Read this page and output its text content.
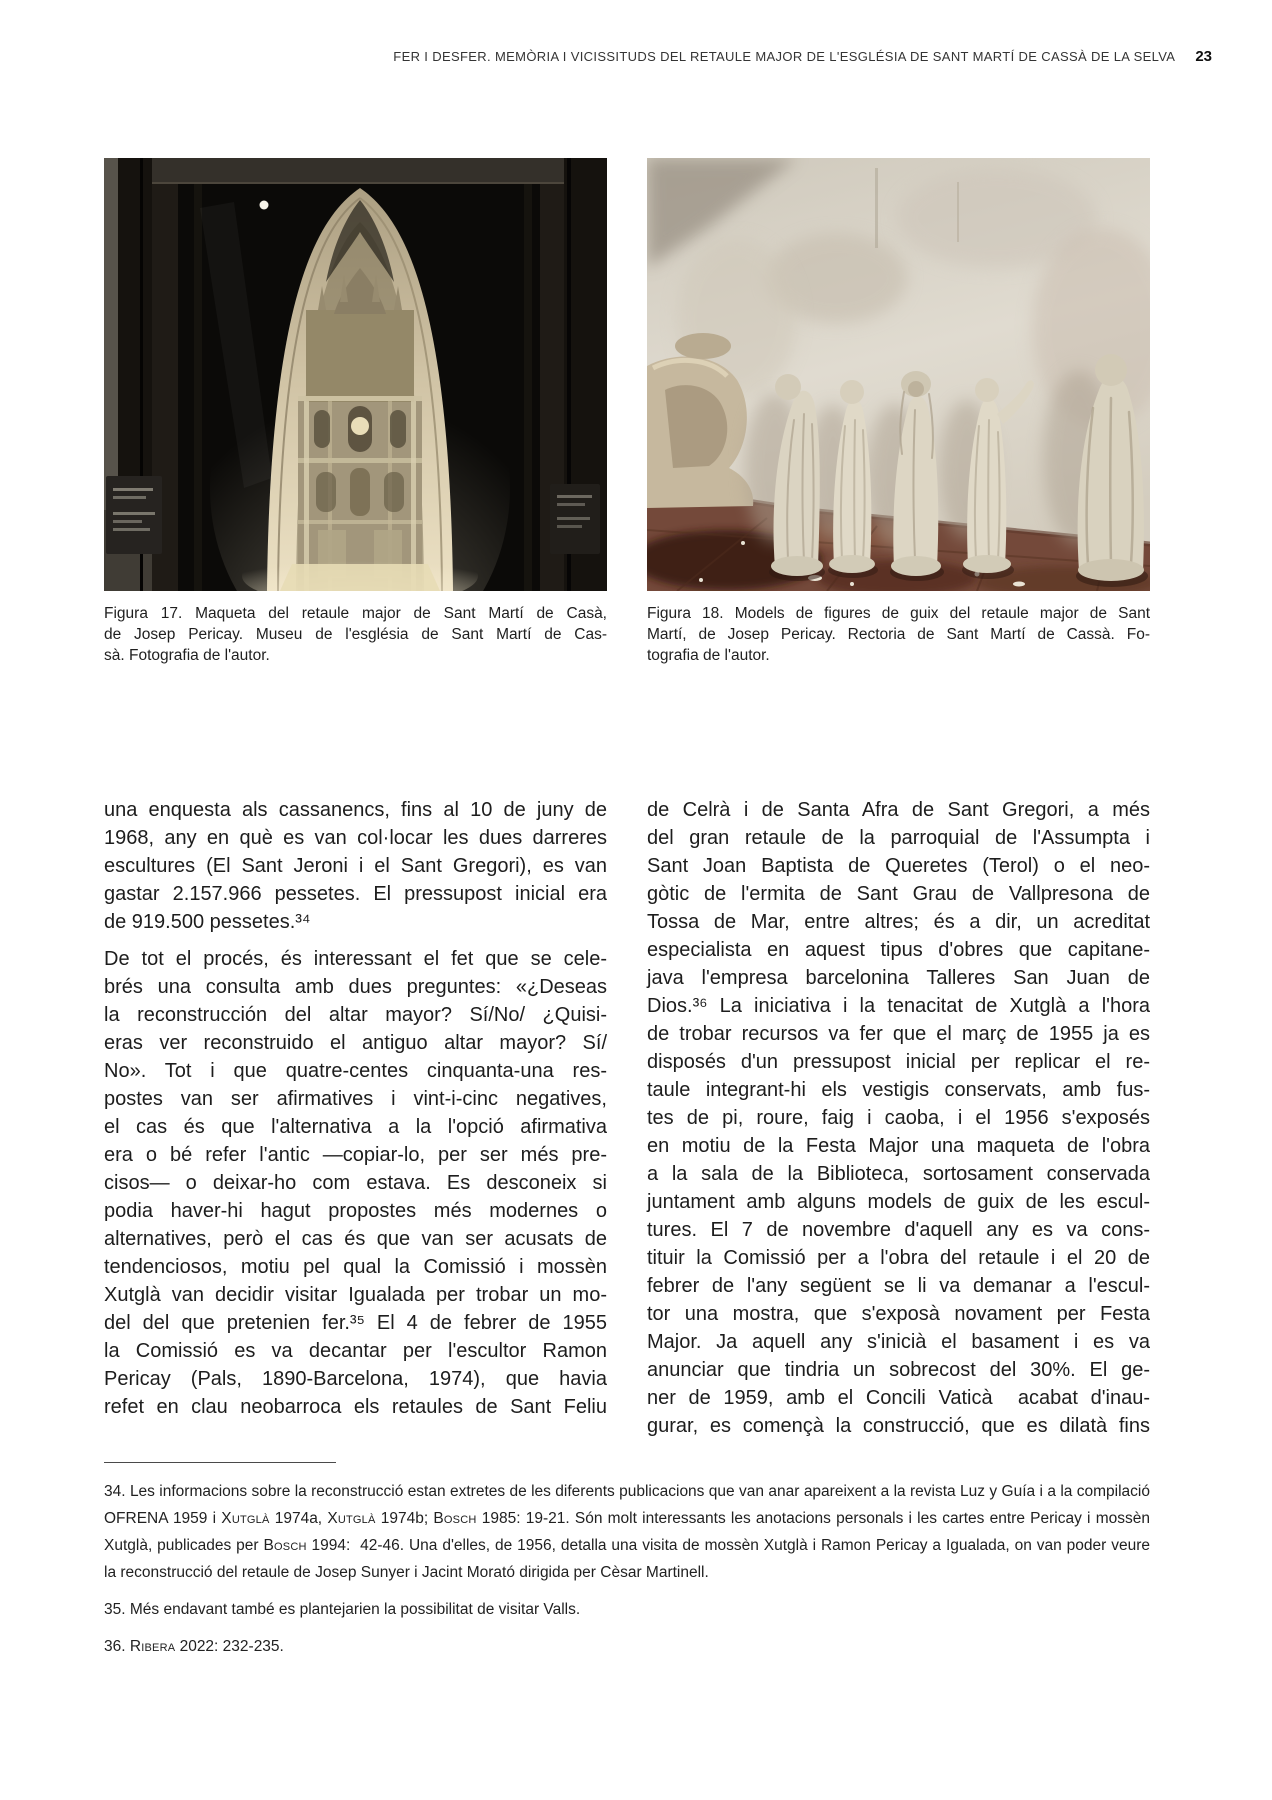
FER I DESFER. MEMÒRIA I VICISSITUDS DEL RETAULE MAJOR DE L'ESGLÉSIA DE SANT MARTÍ DE CASSÀ DE LA SELVA 23
Figura 17. Maqueta del retaule major de Sant Martí de Casà,
de Josep Pericay. Museu de l'església de Sant Martí de Cas-
sà. Fotografia de l'autor.
Figura 18. Models de figures de guix del retaule major de Sant
Martí, de Josep Pericay. Rectoria de Sant Martí de Cassà. Fo-
tografia de l'autor.
una enquesta als cassanencs, fins al 10 de juny de
1968, any en què es van col·locar les dues darreres
escultures (El Sant Jeroni i el Sant Gregori), es van
gastar 2.157.966 pessetes. El pressupost inicial era
de 919.500 pessetes.³⁴
De tot el procés, és interessant el fet que se cele-
brés una consulta amb dues preguntes: «¿Deseas
la reconstrucción del altar mayor? Sí/No/ ¿Quisi-
eras ver reconstruido el antiguo altar mayor? Sí/
No». Tot i que quatre-centes cinquanta-una res-
postes van ser afirmatives i vint-i-cinc negatives,
el cas és que l'alternativa a la l'opció afirmativa
era o bé refer l'antic —copiar-lo, per ser més pre-
cisos— o deixar-ho com estava. Es desconeix si
podia haver-hi hagut propostes més modernes o
alternatives, però el cas és que van ser acusats de
tendenciosos, motiu pel qual la Comissió i mossèn
Xutglà van decidir visitar Igualada per trobar un mo-
del del que pretenien fer.³⁵ El 4 de febrer de 1955
la Comissió es va decantar per l'escultor Ramon
Pericay (Pals, 1890-Barcelona, 1974), que havia
refet en clau neobarroca els retaules de Sant Feliu
de Celrà i de Santa Afra de Sant Gregori, a més
del gran retaule de la parroquial de l'Assumpta i
Sant Joan Baptista de Queretes (Terol) o el neo-
gòtic de l'ermita de Sant Grau de Vallpresona de
Tossa de Mar, entre altres; és a dir, un acreditat
especialista en aquest tipus d'obres que capitane-
java l'empresa barcelonina Talleres San Juan de
Dios.³⁶ La iniciativa i la tenacitat de Xutglà a l'hora
de trobar recursos va fer que el març de 1955 ja es
disposés d'un pressupost inicial per replicar el re-
taule integrant-hi els vestigis conservats, amb fus-
tes de pi, roure, faig i caoba, i el 1956 s'exposés
en motiu de la Festa Major una maqueta de l'obra
a la sala de la Biblioteca, sortosament conservada
juntament amb alguns models de guix de les escul-
tures. El 7 de novembre d'aquell any es va cons-
tituir la Comissió per a l'obra del retaule i el 20 de
febrer de l'any següent se li va demanar a l'escul-
tor una mostra, que s'exposà novament per Festa
Major. Ja aquell any s'inicià el basament i es va
anunciar que tindria un sobrecost del 30%. El ge-
ner de 1959, amb el Concili Vaticà  acabat d'inau-
gurar, es començà la construcció, que es dilatà fins
34. Les informacions sobre la reconstrucció estan extretes de les diferents publicacions que van anar apareixent a la revista Luz y Guía i a la compilació OFRENA 1959 i Xutglà 1974a, Xutglà 1974b; Bosch 1985: 19-21. Són molt interessants les anotacions personals i les cartes entre Pericay i mossèn Xutglà, publicades per Bosch 1994:  42-46. Una d'elles, de 1956, detalla una visita de mossèn Xutglà i Ramon Pericay a Igualada, on van poder veure la reconstrucció del retaule de Josep Sunyer i Jacint Morató dirigida per Cèsar Martinell.
35. Més endavant també es plantejarien la possibilitat de visitar Valls.
36. Ribera 2022: 232-235.
